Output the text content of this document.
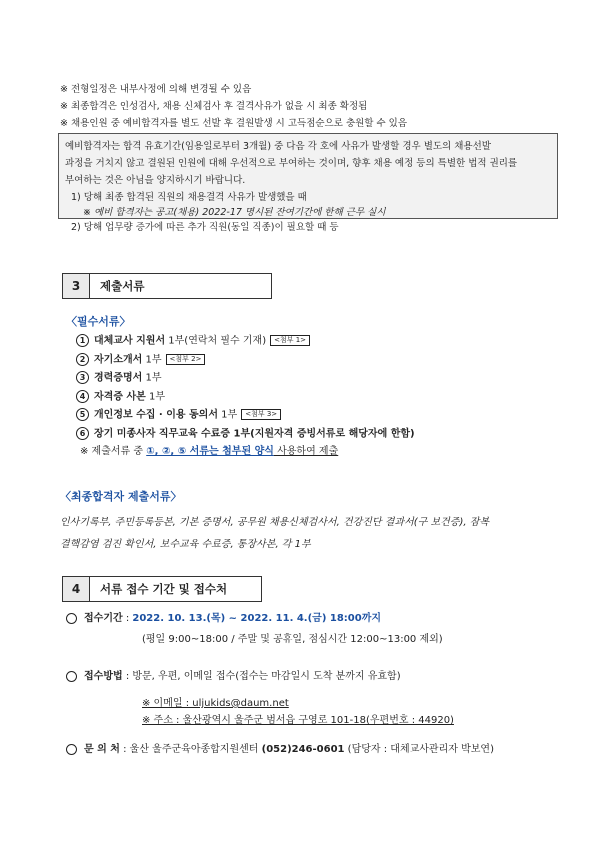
※ 전형일정은 내부사정에 의해 변경될 수 있음
※ 최종합격은 인성검사, 채용 신체검사 후 결격사유가 없을 시 최종 확정됨
※ 채용인원 중 예비합격자를 별도 선발 후 결원발생 시 고득점순으로 충원할 수 있음
예비합격자는 합격 유효기간(임용일로부터 3개월) 중 다음 각 호에 사유가 발생할 경우 별도의 채용선발
과정을 거치지 않고 결원된 인원에 대해 우선적으로 부여하는 것이며, 향후 채용 예정 등의 특별한 법적 권리를
부여하는 것은 아님을 양지하시기 바랍니다.
1) 당해 최종 합격된 직원의 채용결격 사유가 발생했을 때
※ 예비 합격자는 공고(채용) 2022-17 명시된 잔여기간에 한해 근무 실시
2) 당해 업무량 증가에 따른 추가 직원(동일 직종)이 필요할 때 등
3	제출서류
〈필수서류〉
1 대체교사 지원서 1부(연락처 필수 기재) <첨부 1>
2 자기소개서 1부 <첨부 2>
3 경력증명서 1부
4 자격증 사본 1부
5 개인정보 수집 · 이용 동의서 1부 <첨부 3>
6 장기 미종사자 직무교육 수료증 1부(지원자격 증빙서류로 해당자에 한함)
※ 제출서류 중 ①, ②, ⑤ 서류는 첨부된 양식 사용하여 제출
〈최종합격자 제출서류〉
인사기록부, 주민등록등본, 기본 증명서, 공무원 채용신체검사서, 건강진단 결과서(구 보건증), 잠복
결핵감염 검진 확인서, 보수교육 수료증, 통장사본, 각 1부
4	서류 접수 기간 및 접수처
접수기간 : 2022. 10. 13.(목) ~ 2022. 11. 4.(금) 18:00까지
(평일 9:00~18:00 / 주말 및 공휴일, 점심시간 12:00~13:00 제외)
접수방법 : 방문, 우편, 이메일 접수(접수는 마감일시 도착 분까지 유효함)
※ 이메일 : uljukids@daum.net
※ 주소 : 울산광역시 울주군 범서읍 구영로 101-18(우편번호 : 44920)
문 의 처 : 울산 울주군육아종합지원센터 (052)246-0601 (담당자 : 대체교사관리자 박보연)
